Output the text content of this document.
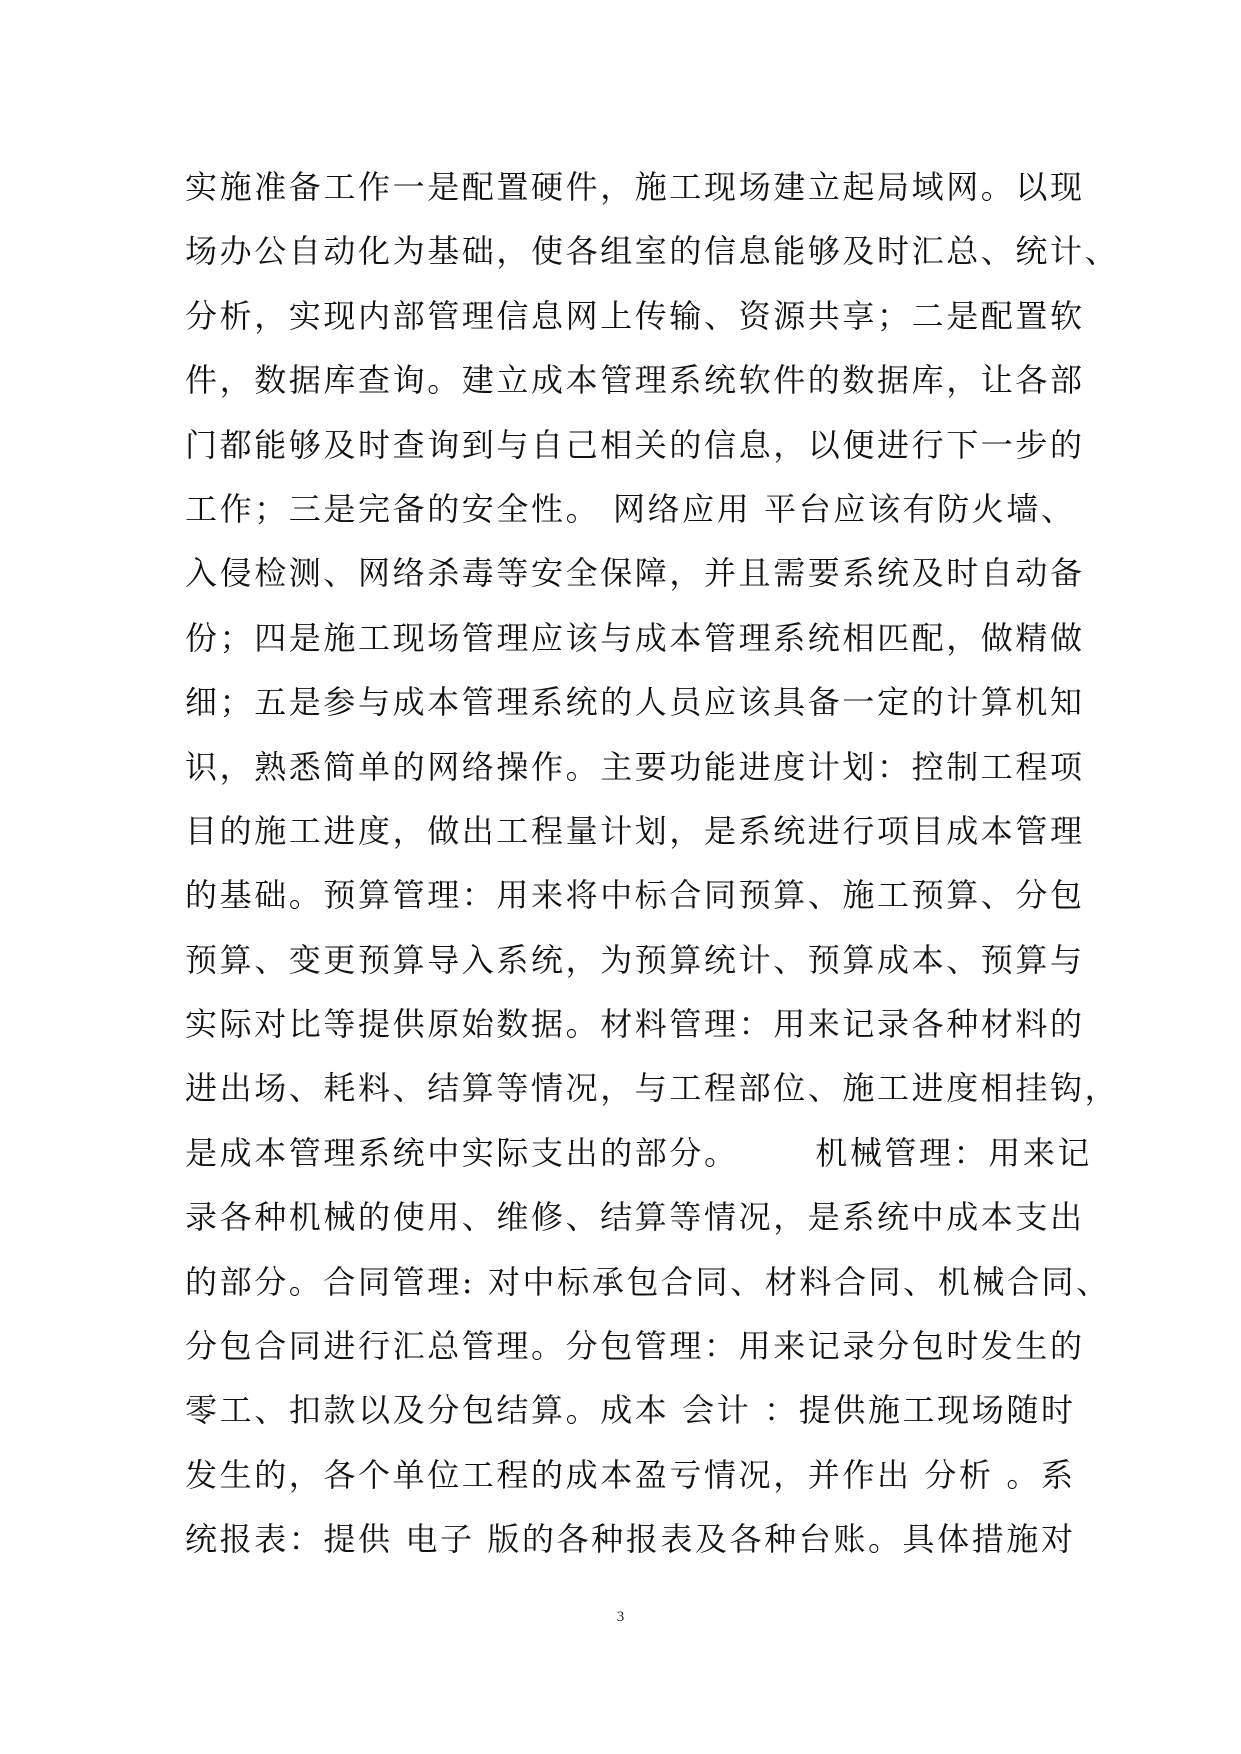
实施准备工作一是配置硬件，施工现场建立起局域网。以现
场办公自动化为基础，使各组室的信息能够及时汇总、统计、
分析，实现内部管理信息网上传输、资源共享；二是配置软
件，数据库查询。建立成本管理系统软件的数据库，让各部
门都能够及时查询到与自己相关的信息，以便进行下一步的
工作；三是完备的安全性。 网络应用 平台应该有防火墙、
入侵检测、网络杀毒等安全保障，并且需要系统及时自动备
份；四是施工现场管理应该与成本管理系统相匹配，做精做
细；五是参与成本管理系统的人员应该具备一定的计算机知
识，熟悉简单的网络操作。主要功能进度计划：控制工程项
目的施工进度，做出工程量计划，是系统进行项目成本管理
的基础。预算管理：用来将中标合同预算、施工预算、分包
预算、变更预算导入系统，为预算统计、预算成本、预算与
实际对比等提供原始数据。材料管理：用来记录各种材料的
进出场、耗料、结算等情况，与工程部位、施工进度相挂钩，
是成本管理系统中实际支出的部分。      机械管理：用来记
录各种机械的使用、维修、结算等情况，是系统中成本支出
的部分。合同管理: 对中标承包合同、材料合同、机械合同、
分包合同进行汇总管理。分包管理：用来记录分包时发生的
零工、扣款以及分包结算。成本 会计 ：提供施工现场随时
发生的，各个单位工程的成本盈亏情况，并作出 分析 。系
统报表：提供 电子 版的各种报表及各种台账。具体措施对
3
